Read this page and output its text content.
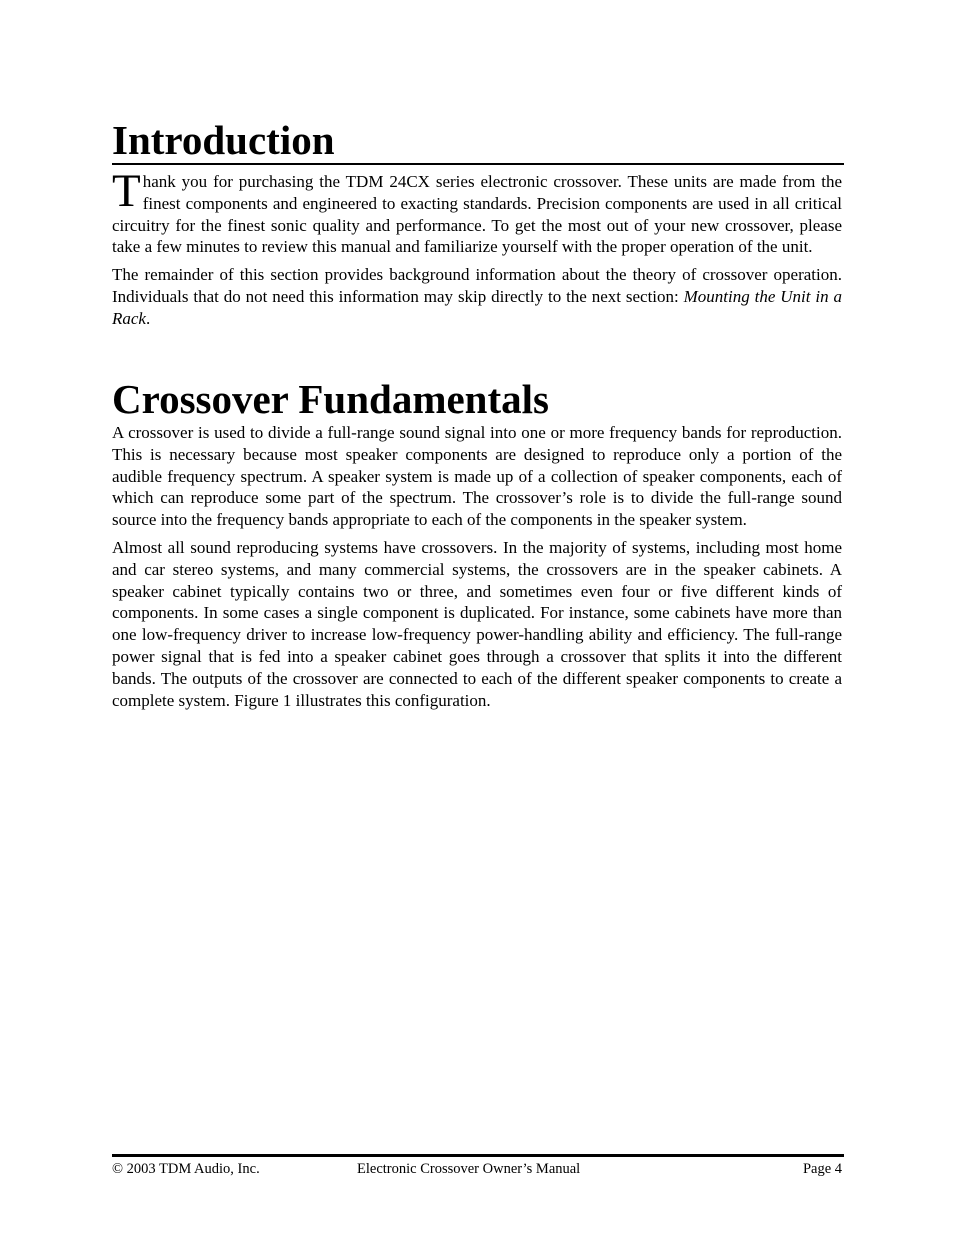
Introduction

Thank you for purchasing the TDM 24CX series electronic crossover. These units are made from the finest components and engineered to exacting standards. Precision components are used in all critical circuitry for the finest sonic quality and performance. To get the most out of your new crossover, please take a few minutes to review this manual and familiarize yourself with the proper operation of the unit.

The remainder of this section provides background information about the theory of crossover operation. Individuals that do not need this information may skip directly to the next section: Mounting the Unit in a Rack.

Crossover Fundamentals

A crossover is used to divide a full-range sound signal into one or more frequency bands for reproduction. This is necessary because most speaker components are designed to reproduce only a portion of the audible frequency spectrum. A speaker system is made up of a collection of speaker components, each of which can reproduce some part of the spectrum. The crossover’s role is to divide the full-range sound source into the frequency bands appropriate to each of the components in the speaker system.

Almost all sound reproducing systems have crossovers. In the majority of systems, including most home and car stereo systems, and many commercial systems, the crossovers are in the speaker cabinets. A speaker cabinet typically contains two or three, and sometimes even four or five different kinds of components. In some cases a single component is duplicated. For instance, some cabinets have more than one low-frequency driver to increase low-frequency power-handling ability and efficiency. The full-range power signal that is fed into a speaker cabinet goes through a crossover that splits it into the different bands. The outputs of the crossover are connected to each of the different speaker components to create a complete system. Figure 1 illustrates this configuration.

© 2003 TDM Audio, Inc.	Electronic Crossover Owner’s Manual	Page 4
